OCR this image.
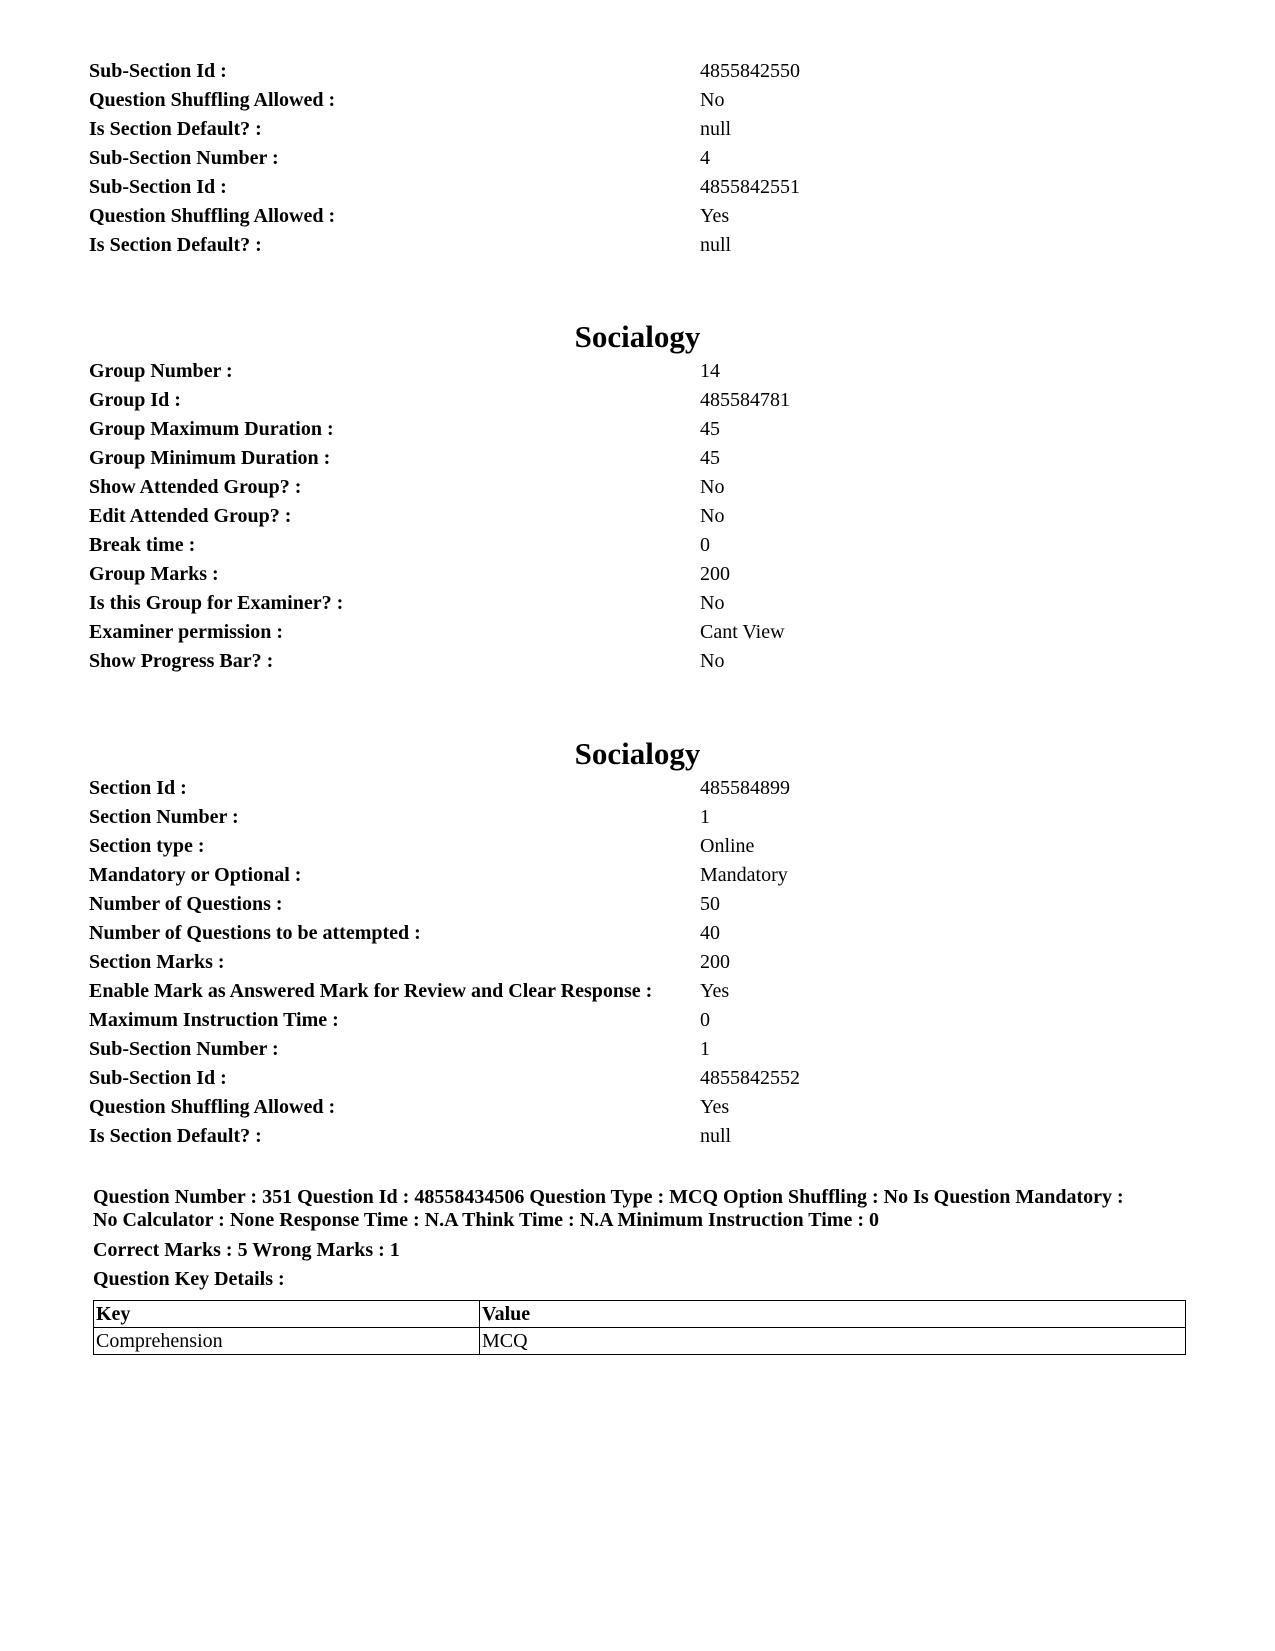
Sub-Section Id :	4855842550
Question Shuffling Allowed :	No
Is Section Default? :	null
Sub-Section Number :	4
Sub-Section Id :	4855842551
Question Shuffling Allowed :	Yes
Is Section Default? :	null
Socialogy
Group Number :	14
Group Id :	485584781
Group Maximum Duration :	45
Group Minimum Duration :	45
Show Attended Group? :	No
Edit Attended Group? :	No
Break time :	0
Group Marks :	200
Is this Group for Examiner? :	No
Examiner permission :	Cant View
Show Progress Bar? :	No
Socialogy
Section Id :	485584899
Section Number :	1
Section type :	Online
Mandatory or Optional :	Mandatory
Number of Questions :	50
Number of Questions to be attempted :	40
Section Marks :	200
Enable Mark as Answered Mark for Review and Clear Response : Yes
Maximum Instruction Time :	0
Sub-Section Number :	1
Sub-Section Id :	4855842552
Question Shuffling Allowed :	Yes
Is Section Default? :	null

Question Number : 351 Question Id : 48558434506 Question Type : MCQ Option Shuffling : No Is Question Mandatory :

No Calculator : None Response Time : N.A Think Time : N.A Minimum Instruction Time : 0

Correct Marks : 5 Wrong Marks : 1

Question Key Details :

Key	Value
Comprehension	MCQ
